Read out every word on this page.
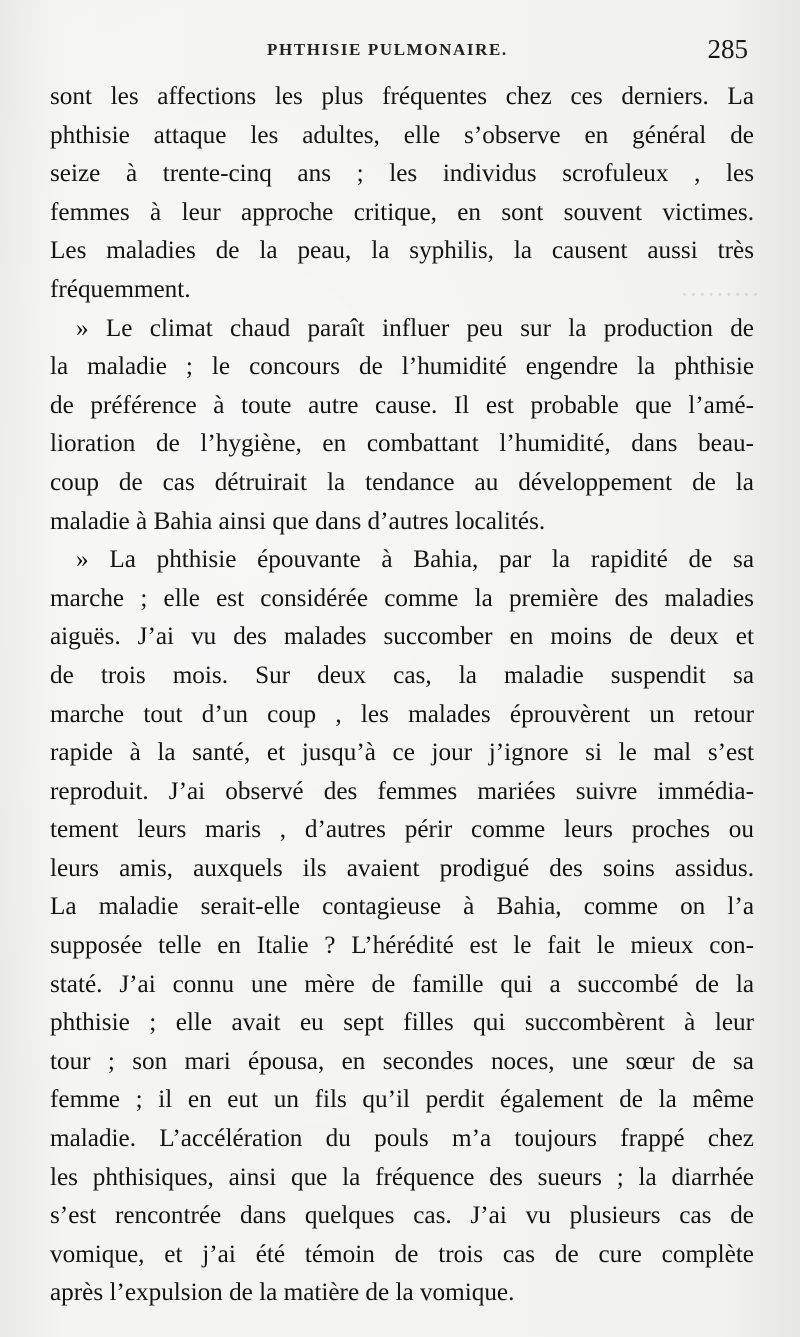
·········
PHTHISIE PULMONAIRE.	285
sont les affections les plus fréquentes chez ces derniers. La
phthisie attaque les adultes, elle s’observe en général de
seize à trente-cinq ans ; les individus scrofuleux , les
femmes à leur approche critique, en sont souvent victimes.
Les maladies de la peau, la syphilis, la causent aussi très
fréquemment.
» Le climat chaud paraît influer peu sur la production de
la maladie ; le concours de l’humidité engendre la phthisie
de préférence à toute autre cause. Il est probable que l’amé-
lioration de l’hygiène, en combattant l’humidité, dans beau-
coup de cas détruirait la tendance au développement de la
maladie à Bahia ainsi que dans d’autres localités.
» La phthisie épouvante à Bahia, par la rapidité de sa
marche ; elle est considérée comme la première des maladies
aiguës. J’ai vu des malades succomber en moins de deux et
de trois mois. Sur deux cas, la maladie suspendit sa
marche tout d’un coup , les malades éprouvèrent un retour
rapide à la santé, et jusqu’à ce jour j’ignore si le mal s’est
reproduit. J’ai observé des femmes mariées suivre immédia-
tement leurs maris , d’autres périr comme leurs proches ou
leurs amis, auxquels ils avaient prodigué des soins assidus.
La maladie serait-elle contagieuse à Bahia, comme on l’a
supposée telle en Italie ? L’hérédité est le fait le mieux con-
staté. J’ai connu une mère de famille qui a succombé de la
phthisie ; elle avait eu sept filles qui succombèrent à leur
tour ; son mari épousa, en secondes noces, une sœur de sa
femme ; il en eut un fils qu’il perdit également de la même
maladie. L’accélération du pouls m’a toujours frappé chez
les phthisiques, ainsi que la fréquence des sueurs ; la diarrhée
s’est rencontrée dans quelques cas. J’ai vu plusieurs cas de
vomique, et j’ai été témoin de trois cas de cure complète
après l’expulsion de la matière de la vomique.
